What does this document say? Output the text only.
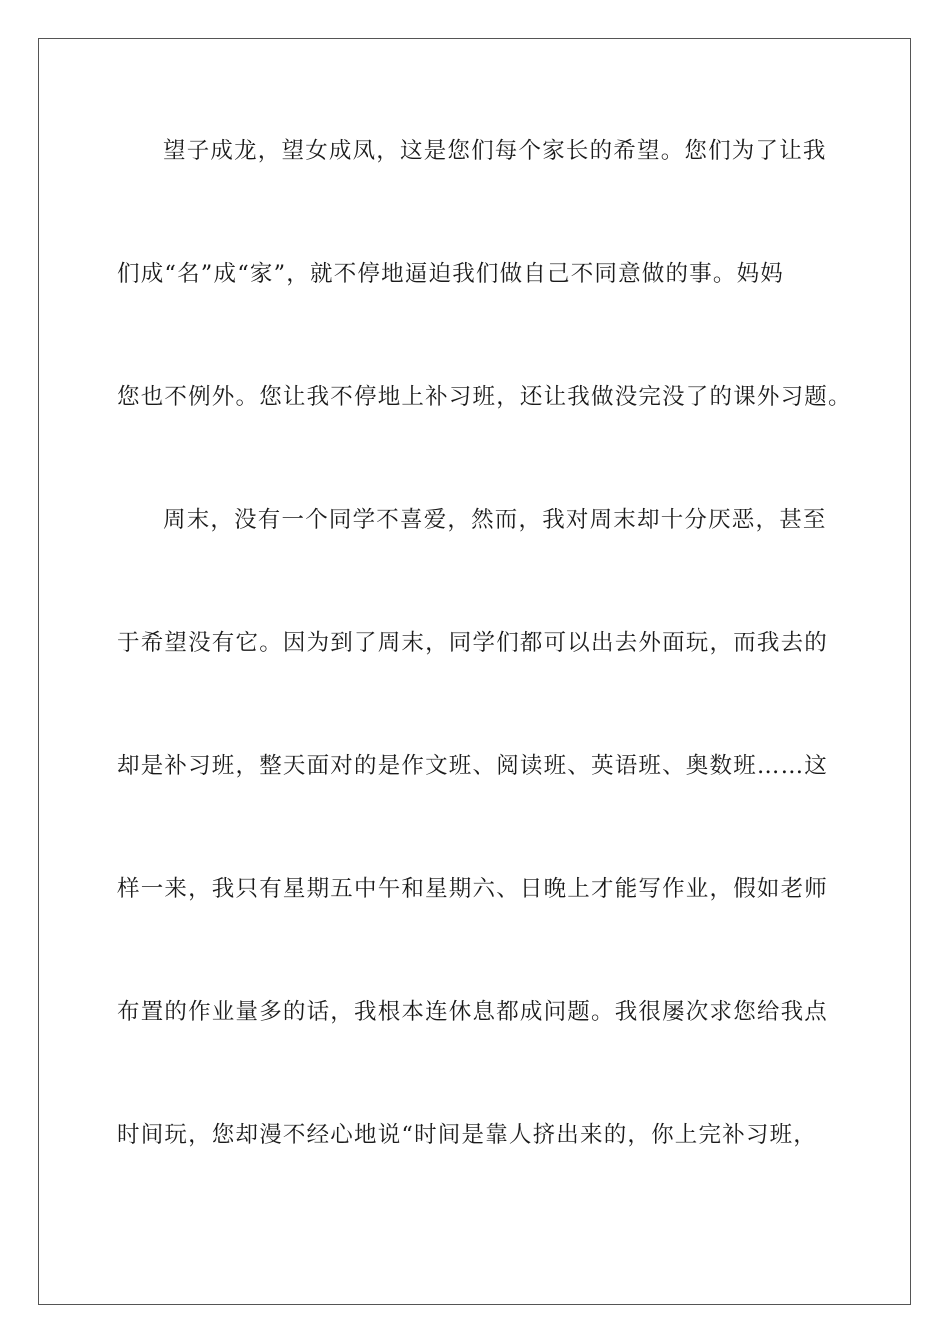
望子成龙，望女成凤，这是您们每个家长的希望。您们为了让我
们成“名”成“家”，就不停地逼迫我们做自己不同意做的事。妈妈
您也不例外。您让我不停地上补习班，还让我做没完没了的课外习题。
周末，没有一个同学不喜爱，然而，我对周末却十分厌恶，甚至
于希望没有它。因为到了周末，同学们都可以出去外面玩，而我去的
却是补习班，整天面对的是作文班、阅读班、英语班、奥数班……这
样一来，我只有星期五中午和星期六、日晚上才能写作业，假如老师
布置的作业量多的话，我根本连休息都成问题。我很屡次求您给我点
时间玩，您却漫不经心地说“时间是靠人挤出来的，你上完补习班，
